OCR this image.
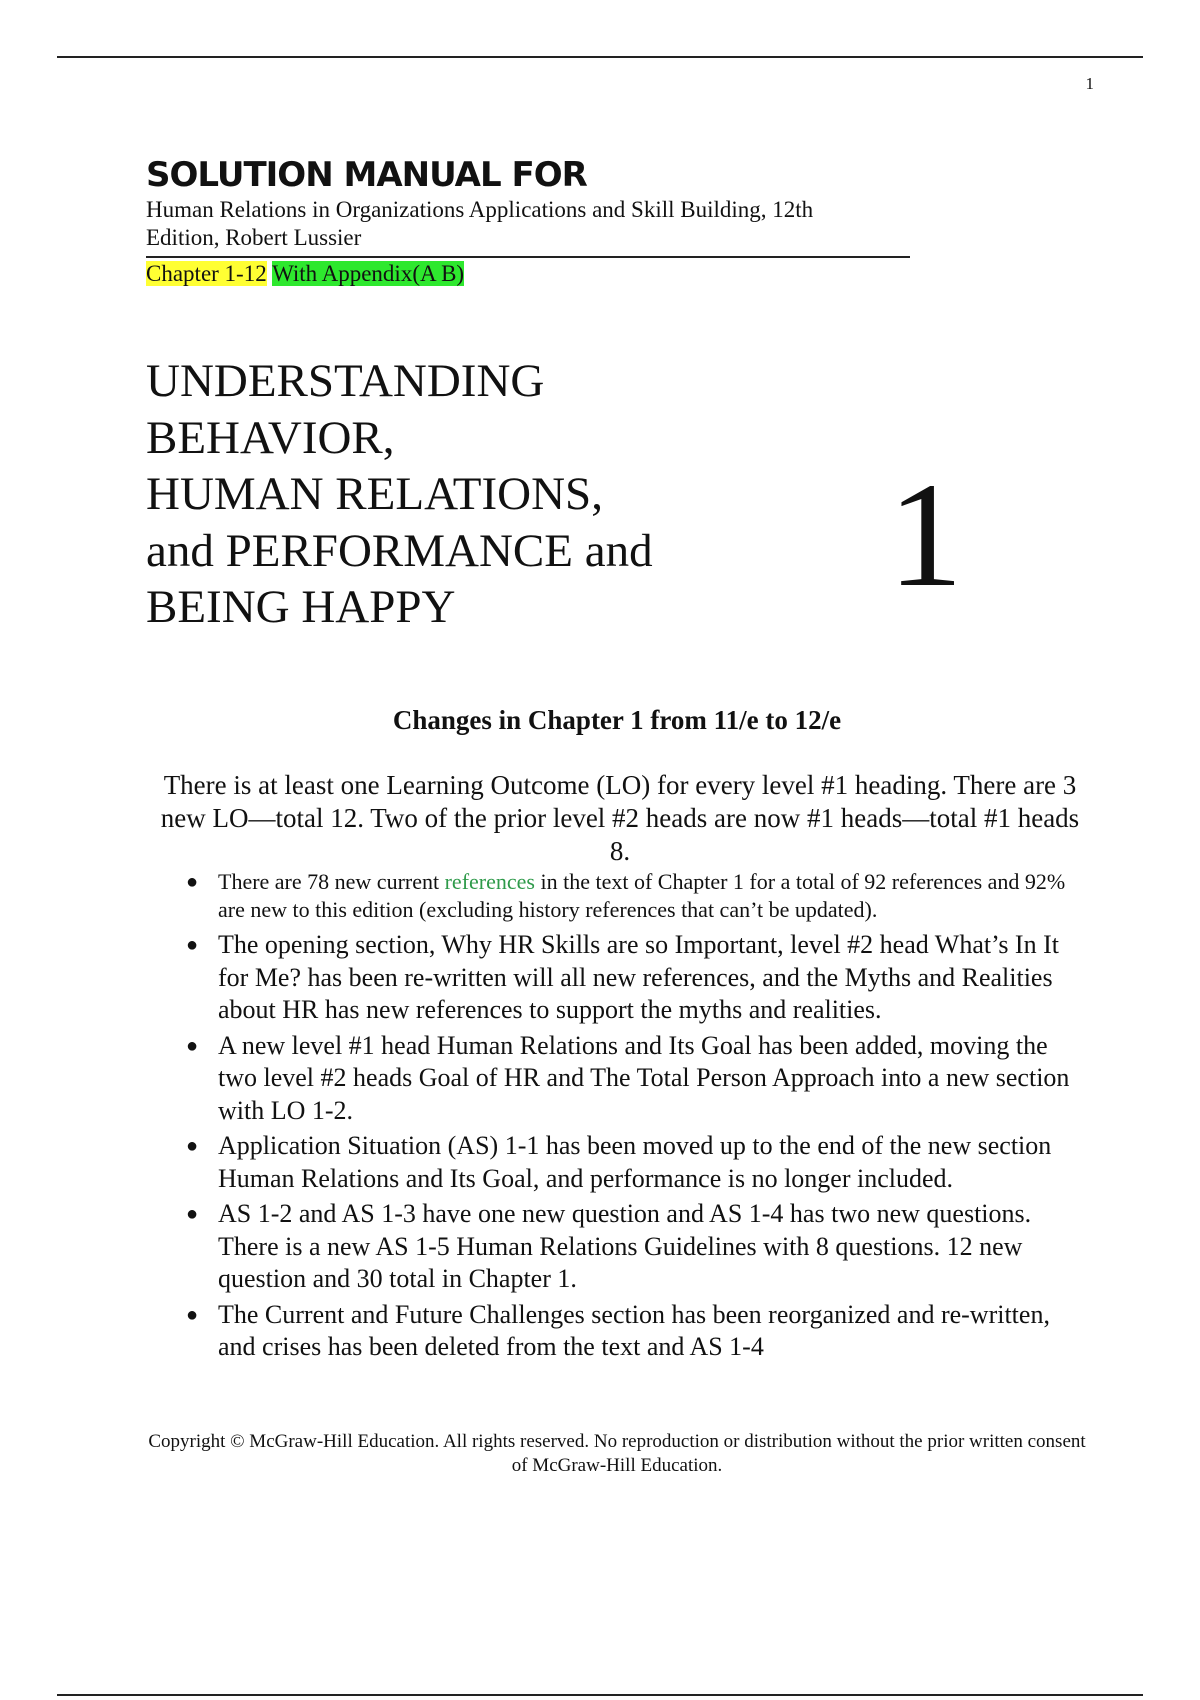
1
SOLUTION MANUAL FOR
Human Relations in Organizations Applications and Skill Building, 12th Edition, Robert Lussier
Chapter 1-12 With Appendix(A B)
UNDERSTANDING
BEHAVIOR,
HUMAN RELATIONS,
and PERFORMANCE and
BEING HAPPY	1
Changes in Chapter 1 from 11/e to 12/e
There is at least one Learning Outcome (LO) for every level #1 heading. There are 3 new LO—total 12. Two of the prior level #2 heads are now #1 heads—total #1 heads 8.
● There are 78 new current references in the text of Chapter 1 for a total of 92 references and 92% are new to this edition (excluding history references that can’t be updated).
● The opening section, Why HR Skills are so Important, level #2 head What’s In It for Me? has been re-written will all new references, and the Myths and Realities about HR has new references to support the myths and realities.
● A new level #1 head Human Relations and Its Goal has been added, moving the two level #2 heads Goal of HR and The Total Person Approach into a new section with LO 1-2.
● Application Situation (AS) 1-1 has been moved up to the end of the new section Human Relations and Its Goal, and performance is no longer included.
● AS 1-2 and AS 1-3 have one new question and AS 1-4 has two new questions. There is a new AS 1-5 Human Relations Guidelines with 8 questions. 12 new question and 30 total in Chapter 1.
● The Current and Future Challenges section has been reorganized and re-written, and crises has been deleted from the text and AS 1-4
Copyright © McGraw-Hill Education. All rights reserved. No reproduction or distribution without the prior written consent of McGraw-Hill Education.
